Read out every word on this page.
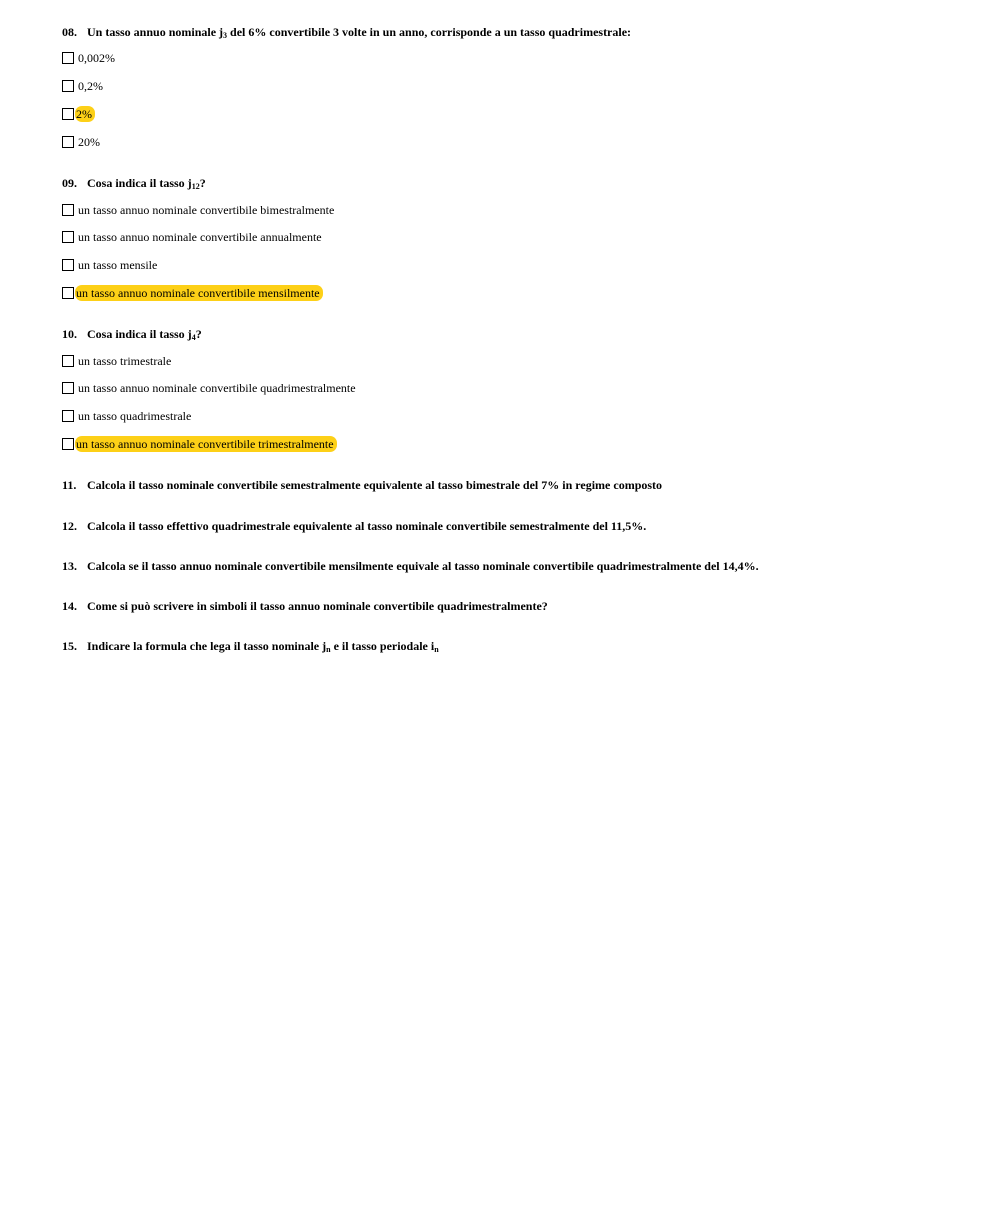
08. Un tasso annuo nominale $j_3$ del 6% convertibile 3 volte in un anno, corrisponde a un tasso quadrimestrale:
0,002%
0,2%
2%
20%
09. Cosa indica il tasso $j_{12}$?
un tasso annuo nominale convertibile bimestralmente
un tasso annuo nominale convertibile annualmente
un tasso mensile
un tasso annuo nominale convertibile mensilmente
10. Cosa indica il tasso $j_4$?
un tasso trimestrale
un tasso annuo nominale convertibile quadrimestralmente
un tasso quadrimestrale
un tasso annuo nominale convertibile trimestralmente
11. Calcola il tasso nominale convertibile semestralmente equivalente al tasso bimestrale del 7% in regime composto
12. Calcola il tasso effettivo quadrimestrale equivalente al tasso nominale convertibile semestralmente del 11,5%.
13. Calcola se il tasso annuo nominale convertibile mensilmente equivale al tasso nominale convertibile quadrimestralmente del 14,4%.
14. Come si può scrivere in simboli il tasso annuo nominale convertibile quadrimestralmente?
15. Indicare la formula che lega il tasso nominale $j_n$ e il tasso periodale $i_n$
